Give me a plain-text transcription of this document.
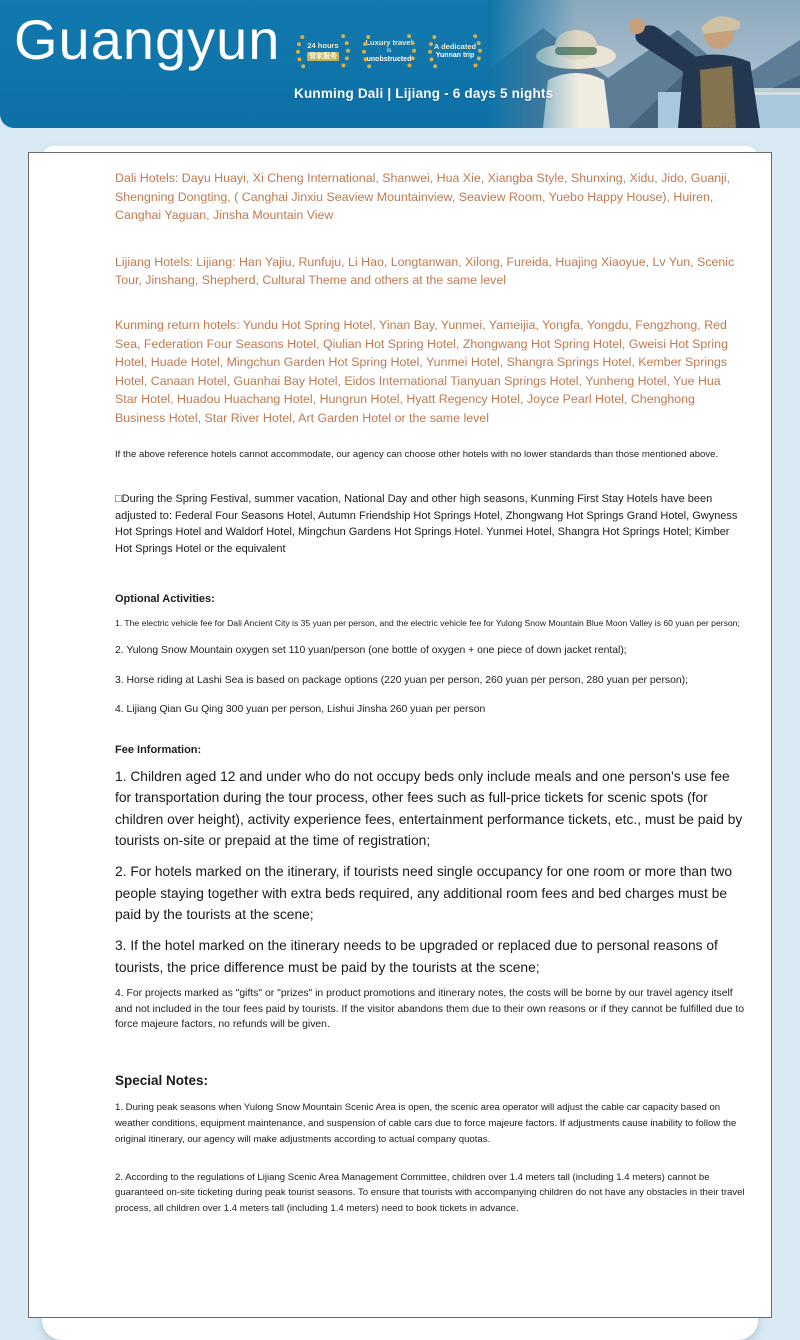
Guangyun	24 hours
管家服务
Luxury travel
is
unobstructed
A dedicated
Yunnan trip
Kunming Dali | Lijiang - 6 days 5 nights

Dali Hotels: Dayu Huayi, Xi Cheng International, Shanwei, Hua Xie, Xiangba Style, Shunxing, Xidu, Jido, Guanji, Shengning Dongting, ( Canghai Jinxiu Seaview Mountainview, Seaview Room, Yuebo Happy House), Huiren, Canghai Yaguan, Jinsha Mountain View

Lijiang Hotels: Lijiang: Han Yajiu, Runfuju, Li Hao, Longtanwan, Xilong, Fureida, Huajing Xiaoyue, Lv Yun, Scenic Tour, Jinshang, Shepherd, Cultural Theme and others at the same level

Kunming return hotels: Yundu Hot Spring Hotel, Yinan Bay, Yunmei, Yameijia, Yongfa, Yongdu, Fengzhong, Red Sea, Federation Four Seasons Hotel, Qiulian Hot Spring Hotel, Zhongwang Hot Spring Hotel, Gweisi Hot Spring Hotel, Huade Hotel, Mingchun Garden Hot Spring Hotel, Yunmei Hotel, Shangra Springs Hotel, Kember Springs Hotel, Canaan Hotel, Guanhai Bay Hotel, Eidos International Tianyuan Springs Hotel, Yunheng Hotel, Yue Hua Star Hotel, Huadou Huachang Hotel, Hungrun Hotel, Hyatt Regency Hotel, Joyce Pearl Hotel, Chenghong Business Hotel, Star River Hotel, Art Garden Hotel or the same level

If the above reference hotels cannot accommodate, our agency can choose other hotels with no lower standards than those mentioned above.

□During the Spring Festival, summer vacation, National Day and other high seasons, Kunming First Stay Hotels have been adjusted to: Federal Four Seasons Hotel, Autumn Friendship Hot Springs Hotel, Zhongwang Hot Springs Grand Hotel, Gwyness Hot Springs Hotel and Waldorf Hotel, Mingchun Gardens Hot Springs Hotel. Yunmei Hotel, Shangra Hot Springs Hotel; Kimber Hot Springs Hotel or the equivalent

Optional Activities:

1. The electric vehicle fee for Dali Ancient City is 35 yuan per person, and the electric vehicle fee for Yulong Snow Mountain Blue Moon Valley is 60 yuan per person;

2. Yulong Snow Mountain oxygen set 110 yuan/person (one bottle of oxygen + one piece of down jacket rental);

3. Horse riding at Lashi Sea is based on package options (220 yuan per person, 260 yuan per person, 280 yuan per person);

4. Lijiang Qian Gu Qing 300 yuan per person, Lishui Jinsha 260 yuan per person

Fee Information:

1. Children aged 12 and under who do not occupy beds only include meals and one person's use fee for transportation during the tour process, other fees such as full-price tickets for scenic spots (for children over height), activity experience fees, entertainment performance tickets, etc., must be paid by tourists on-site or prepaid at the time of registration;

2. For hotels marked on the itinerary, if tourists need single occupancy for one room or more than two people staying together with extra beds required, any additional room fees and bed charges must be paid by the tourists at the scene;

3. If the hotel marked on the itinerary needs to be upgraded or replaced due to personal reasons of tourists, the price difference must be paid by the tourists at the scene;

4. For projects marked as "gifts" or "prizes" in product promotions and itinerary notes, the costs will be borne by our travel agency itself and not included in the tour fees paid by tourists. If the visitor abandons them due to their own reasons or if they cannot be fulfilled due to force majeure factors, no refunds will be given.

Special Notes:

1. During peak seasons when Yulong Snow Mountain Scenic Area is open, the scenic area operator will adjust the cable car capacity based on weather conditions, equipment maintenance, and suspension of cable cars due to force majeure factors. If adjustments cause inability to follow the original itinerary, our agency will make adjustments according to actual company quotas.

2. According to the regulations of Lijiang Scenic Area Management Committee, children over 1.4 meters tall (including 1.4 meters) cannot be guaranteed on-site ticketing during peak tourist seasons. To ensure that tourists with accompanying children do not have any obstacles in their travel process, all children over 1.4 meters tall (including 1.4 meters) need to book tickets in advance.
